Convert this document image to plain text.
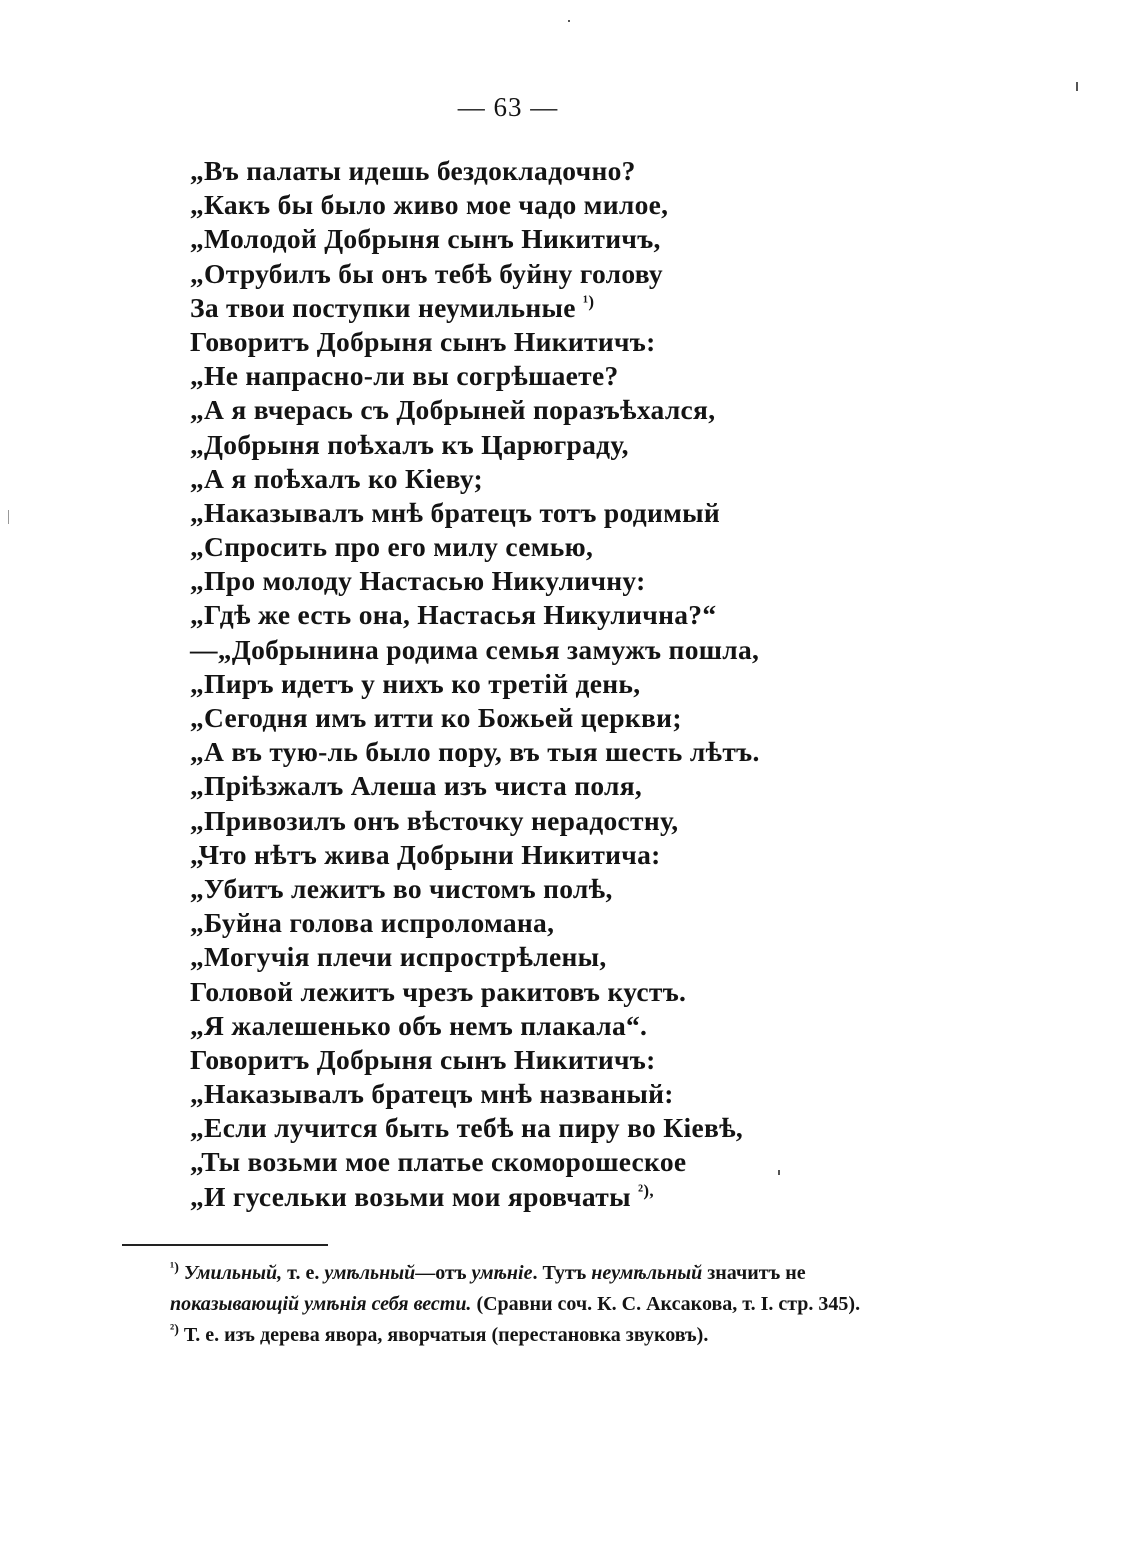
— 63 —
„Въ палаты идешь бездокладочно?
„Какъ бы было живо мое чадо милое,
„Молодой Добрыня сынъ Никитичъ,
„Отрубилъ бы онъ тебѣ буйну голову
За твои поступки неумильные $^{^1)}$
Говоритъ Добрыня сынъ Никитичъ:
„Не напрасно-ли вы согрѣшаете?
„А я вчерась съ Добрыней поразъѣхался,
„Добрыня поѣхалъ къ Царюграду,
„А я поѣхалъ ко Кіеву;
„Наказывалъ мнѣ братецъ тотъ родимый
„Спросить про его милу семью,
„Про молоду Настасью Никуличну:
„Гдѣ же есть она, Настасья Никулична?“
—„Добрынина родима семья замужъ пошла,
„Пиръ идетъ у нихъ ко третій день,
„Сегодня имъ итти ко Божьей церкви;
„А въ тую-ль было пору, въ тыя шесть лѣтъ.
„Пріѣзжалъ Алеша изъ чиста поля,
„Привозилъ онъ вѣсточку нерадостну,
„Что нѣтъ жива Добрыни Никитича:
„Убитъ лежитъ во чистомъ полѣ,
„Буйна голова испроломана,
„Могучія плечи испрострѣлены,
Головой лежитъ чрезъ ракитовъ кустъ.
„Я жалешенько объ немъ плакала“.
Говоритъ Добрыня сынъ Никитичъ:
„Наказывалъ братецъ мнѣ названый:
„Если лучится быть тебѣ на пиру во Кіевѣ,
„Ты возьми мое платье скоморошеское
„И гусельки возьми мои яровчаты $^{^2),}$

$^{^1)}$ Умильный, т. е. умѣльный—отъ умѣніе. Тутъ неумѣльный значитъ не показывающій умѣнія себя вести. (Сравни соч. К. С. Аксакова, т. I. стр. 345).

$^{^2)}$ Т. е. изъ дерева явора, яворчатыя (перестановка звуковъ).
